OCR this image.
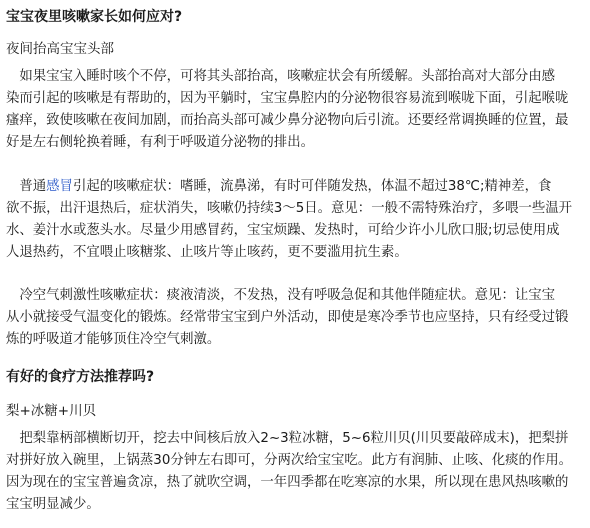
宝宝夜里咳嗽家长如何应对?
夜间抬高宝宝头部
　如果宝宝入睡时咳个不停，可将其头部抬高，咳嗽症状会有所缓解。头部抬高对大部分由感
染而引起的咳嗽是有帮助的，因为平躺时，宝宝鼻腔内的分泌物很容易流到喉咙下面，引起喉咙
瘙痒，致使咳嗽在夜间加剧，而抬高头部可减少鼻分泌物向后引流。还要经常调换睡的位置，最
好是左右侧轮换着睡，有利于呼吸道分泌物的排出。
　普通感冒引起的咳嗽症状：嗜睡，流鼻涕，有时可伴随发热，体温不超过38℃;精神差，食
欲不振，出汗退热后，症状消失，咳嗽仍持续3～5日。意见：一般不需特殊治疗，多喂一些温开
水、姜汁水或葱头水。尽量少用感冒药，宝宝烦躁、发热时，可给少许小儿欣口服;切忌使用成
人退热药，不宜喂止咳糖浆、止咳片等止咳药，更不要滥用抗生素。
　冷空气刺激性咳嗽症状：痰液清淡，不发热，没有呼吸急促和其他伴随症状。意见：让宝宝
从小就接受气温变化的锻炼。经常带宝宝到户外活动，即使是寒冷季节也应坚持，只有经受过锻
炼的呼吸道才能够顶住冷空气刺激。
有好的食疗方法推荐吗?
梨+冰糖+川贝
　把梨靠柄部横断切开，挖去中间核后放入2~3粒冰糖，5~6粒川贝(川贝要敲碎成末)，把梨拼
对拼好放入碗里，上锅蒸30分钟左右即可，分两次给宝宝吃。此方有润肺、止咳、化痰的作用。
因为现在的宝宝普遍贪凉，热了就吹空调，一年四季都在吃寒凉的水果，所以现在患风热咳嗽的
宝宝明显减少。
